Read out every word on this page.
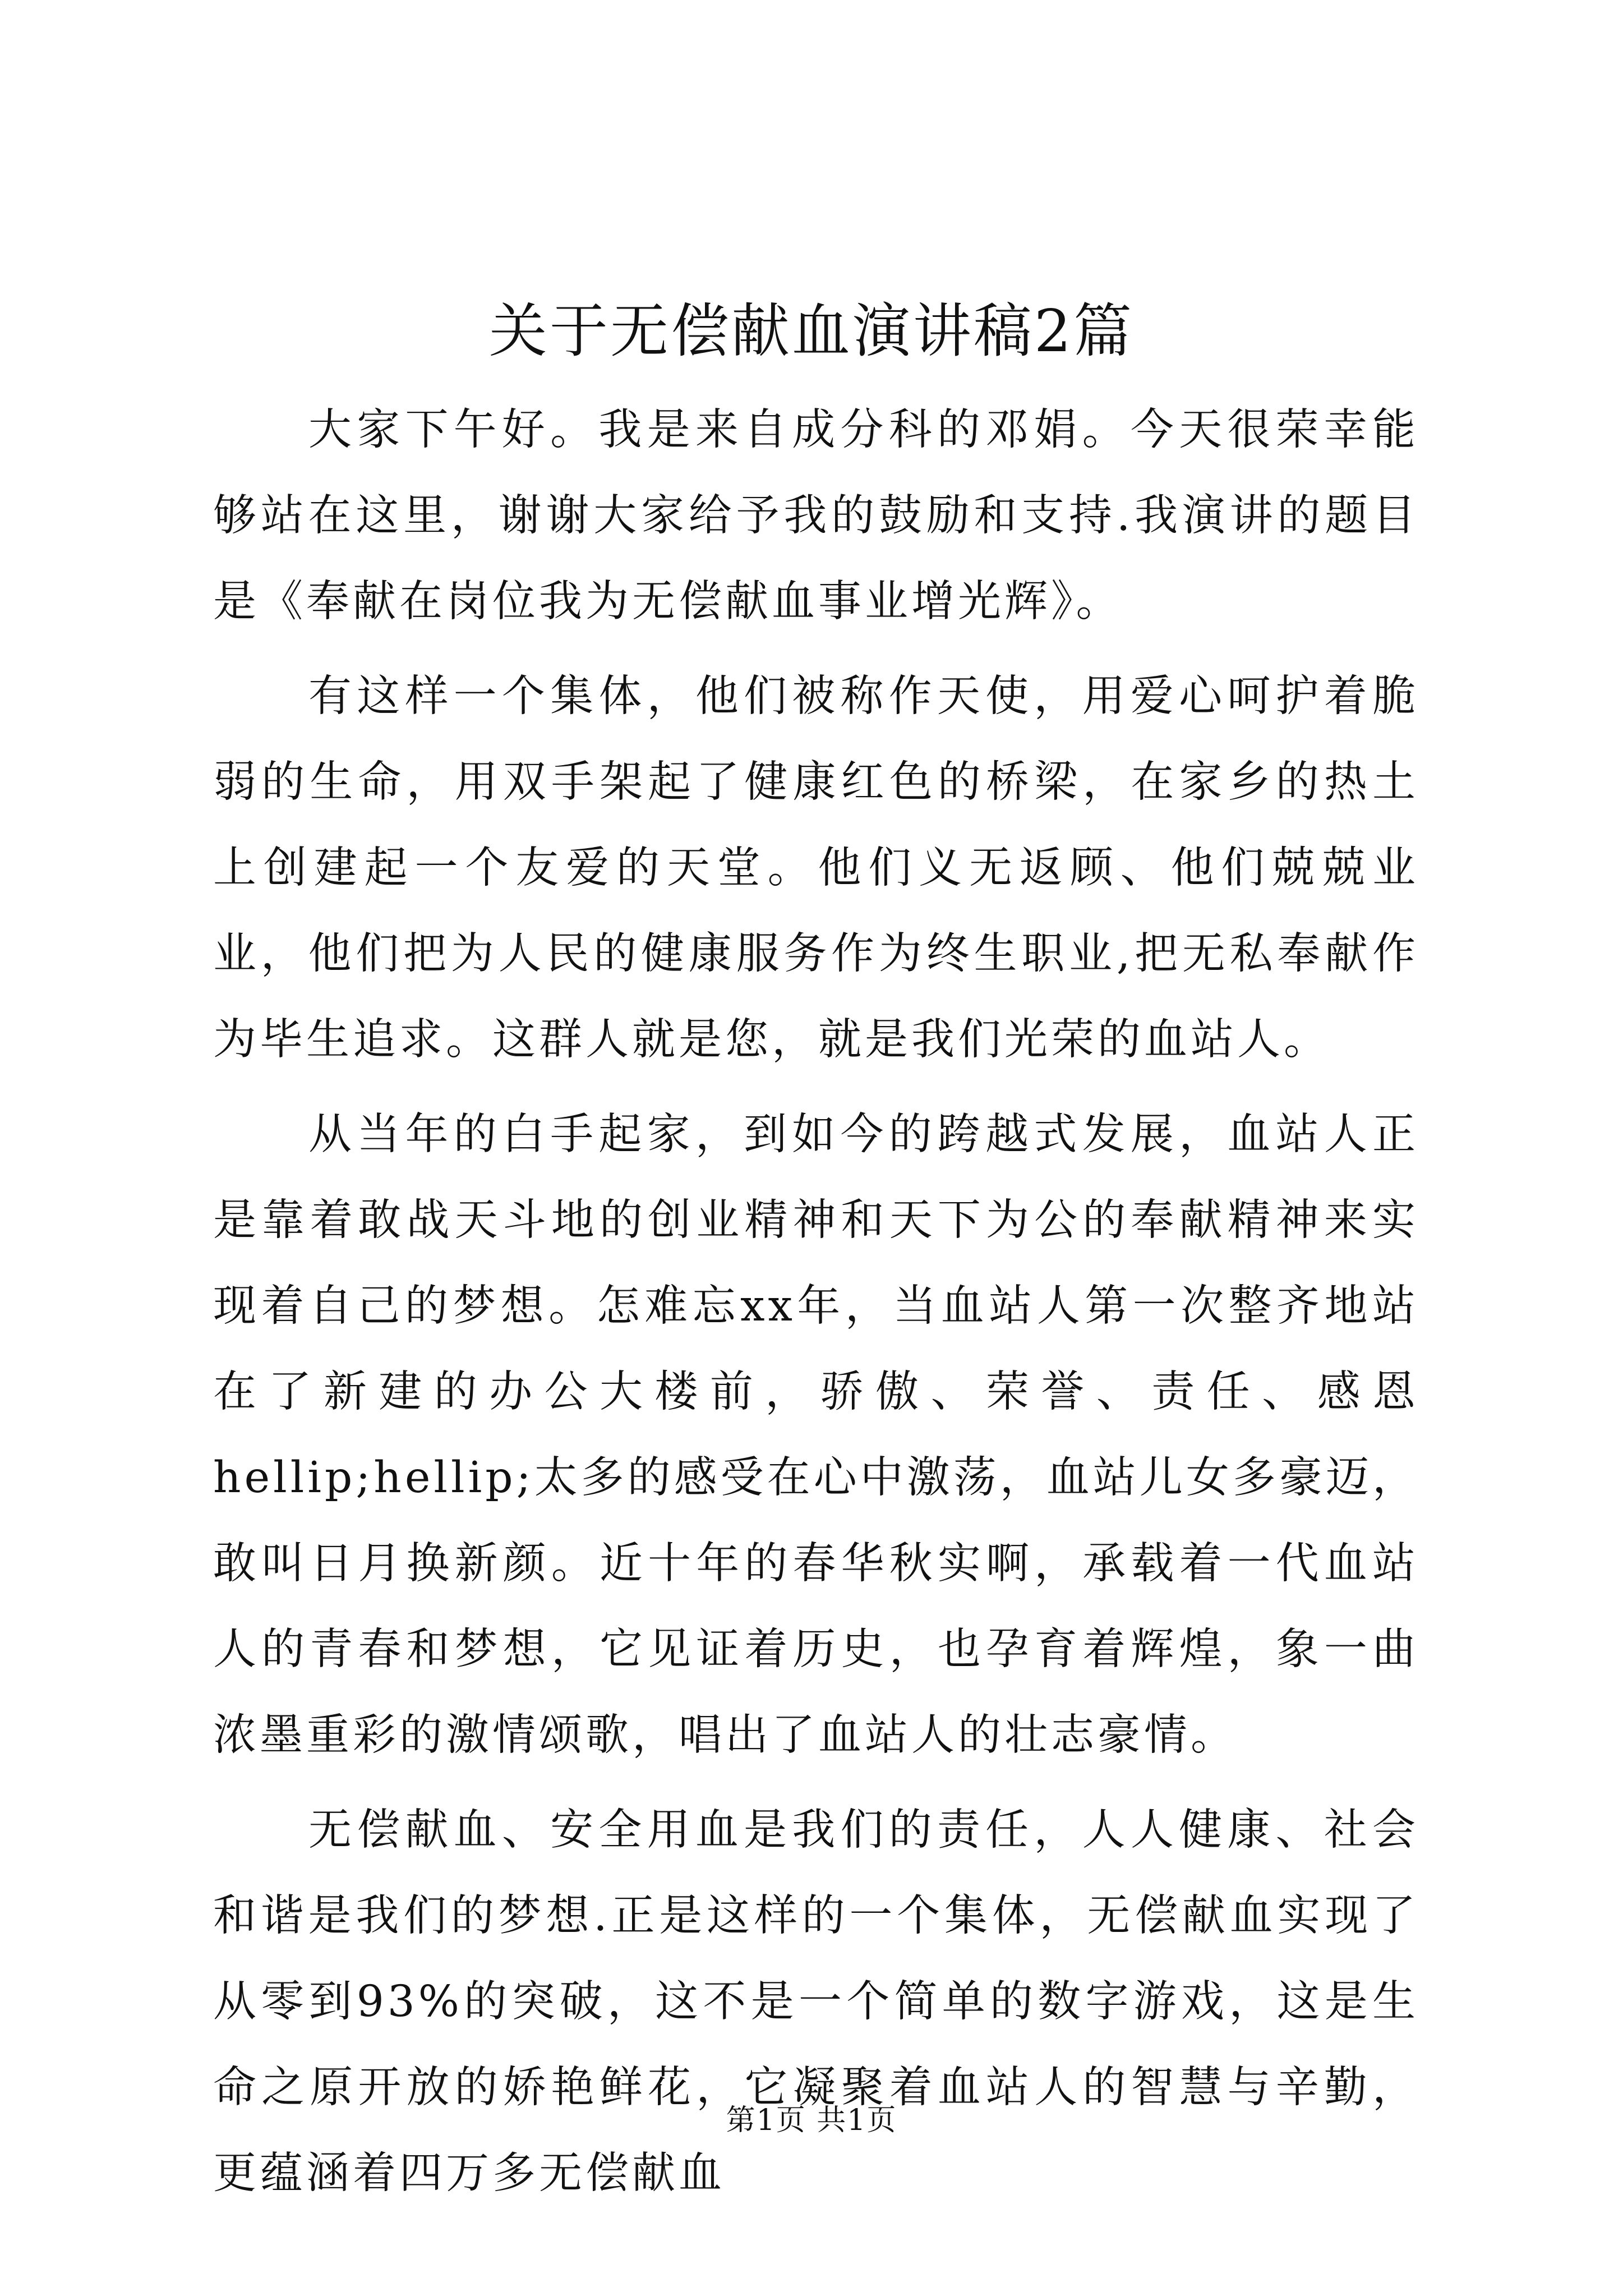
关于无偿献血演讲稿2篇

大家下午好。我是来自成分科的邓娟。今天很荣幸能够站在这里，谢谢大家给予我的鼓励和支持.我演讲的题目是《奉献在岗位我为无偿献血事业增光辉》。

有这样一个集体，他们被称作天使，用爱心呵护着脆弱的生命，用双手架起了健康红色的桥梁，在家乡的热土上创建起一个友爱的天堂。他们义无返顾、他们兢兢业业，他们把为人民的健康服务作为终生职业,把无私奉献作为毕生追求。这群人就是您，就是我们光荣的血站人。

从当年的白手起家，到如今的跨越式发展，血站人正是靠着敢战天斗地的创业精神和天下为公的奉献精神来实现着自己的梦想。怎难忘xx年，当血站人第一次整齐地站在了新建的办公大楼前，骄傲、荣誉、责任、感恩hellip;hellip;太多的感受在心中激荡，血站儿女多豪迈，敢叫日月换新颜。近十年的春华秋实啊，承载着一代血站人的青春和梦想，它见证着历史，也孕育着辉煌，象一曲浓墨重彩的激情颂歌，唱出了血站人的壮志豪情。

无偿献血、安全用血是我们的责任，人人健康、社会和谐是我们的梦想.正是这样的一个集体，无偿献血实现了从零到93%的突破，这不是一个简单的数字游戏，这是生命之原开放的娇艳鲜花，它凝聚着血站人的智慧与辛勤，更蕴涵着四万多无偿献血

第1页 共1页
